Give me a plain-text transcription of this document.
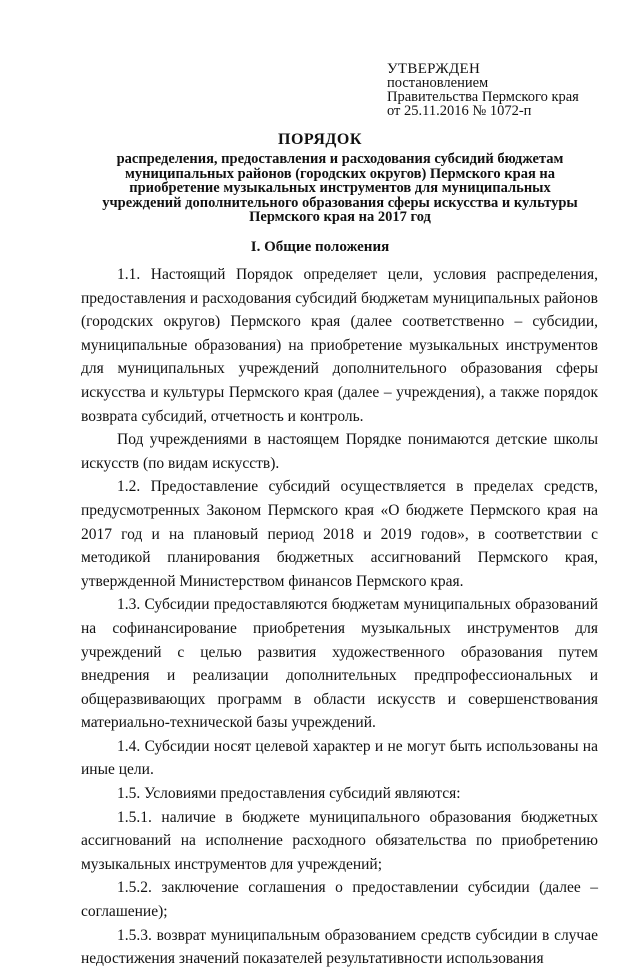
УТВЕРЖДЕН
постановлением
Правительства Пермского края
от 25.11.2016 № 1072-п
ПОРЯДОК
распределения, предоставления и расходования субсидий бюджетам муниципальных районов (городских округов) Пермского края на приобретение музыкальных инструментов для муниципальных учреждений дополнительного образования сферы искусства и культуры Пермского края на 2017 год
I. Общие положения

1.1. Настоящий Порядок определяет цели, условия распределения, предоставления и расходования субсидий бюджетам муниципальных районов (городских округов) Пермского края (далее соответственно – субсидии, муниципальные образования) на приобретение музыкальных инструментов для муниципальных учреждений дополнительного образования сферы искусства и культуры Пермского края (далее – учреждения), а также порядок возврата субсидий, отчетность и контроль.

Под учреждениями в настоящем Порядке понимаются детские школы искусств (по видам искусств).

1.2. Предоставление субсидий осуществляется в пределах средств, предусмотренных Законом Пермского края «О бюджете Пермского края на 2017 год и на плановый период 2018 и 2019 годов», в соответствии с методикой планирования бюджетных ассигнований Пермского края, утвержденной Министерством финансов Пермского края.

1.3. Субсидии предоставляются бюджетам муниципальных образований на софинансирование приобретения музыкальных инструментов для учреждений с целью развития художественного образования путем внедрения и реализации дополнительных предпрофессиональных и общеразвивающих программ в области искусств и совершенствования материально-технической базы учреждений.

1.4. Субсидии носят целевой характер и не могут быть использованы на иные цели.

1.5. Условиями предоставления субсидий являются:

1.5.1. наличие в бюджете муниципального образования бюджетных ассигнований на исполнение расходного обязательства по приобретению музыкальных инструментов для учреждений;

1.5.2. заключение соглашения о предоставлении субсидии (далее – соглашение);

1.5.3. возврат муниципальным образованием средств субсидии в случае недостижения значений показателей результативности использования
